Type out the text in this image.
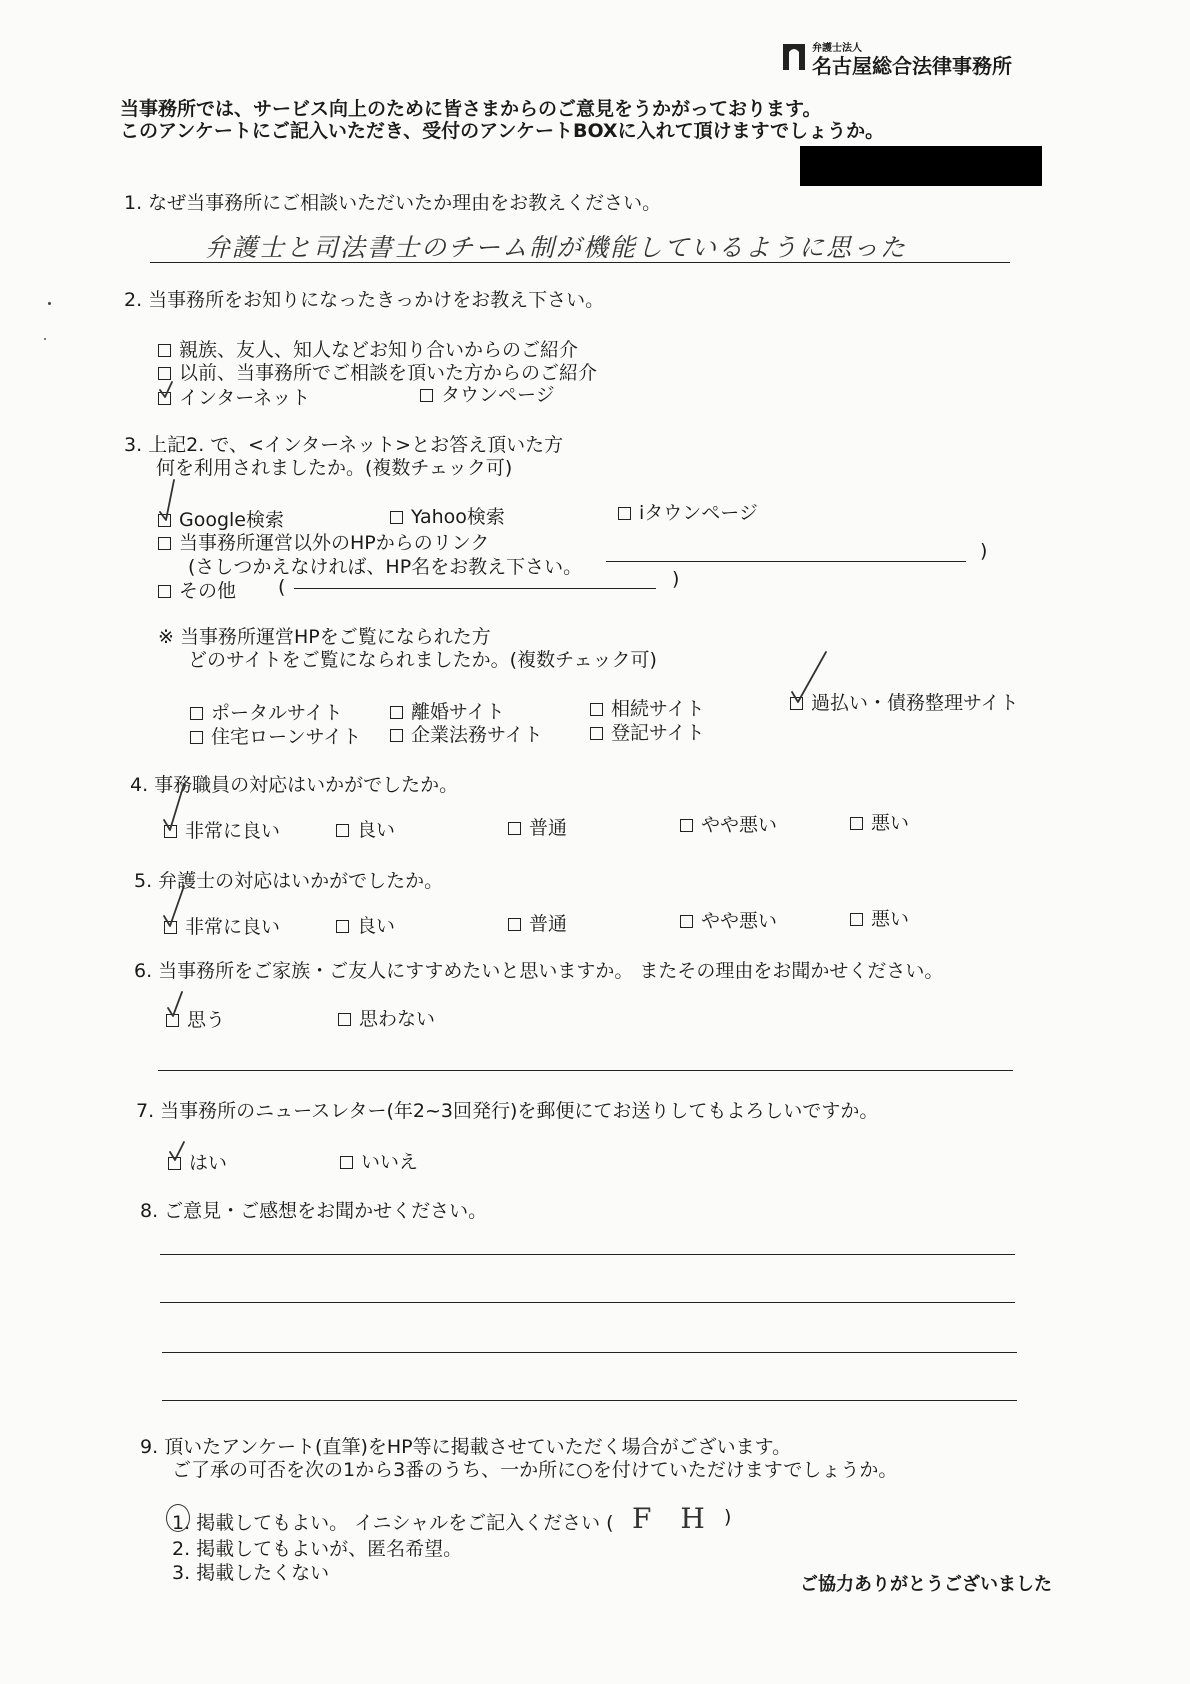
弁護士法人
名古屋総合法律事務所
当事務所では、サービス向上のために皆さまからのご意見をうかがっております。
このアンケートにご記入いただき、受付のアンケートBOXに入れて頂けますでしょうか。
1. なぜ当事務所にご相談いただいたか理由をお教えください。
弁護士と司法書士のチーム制が機能しているように思った
2. 当事務所をお知りになったきっかけをお教え下さい。
親族、友人、知人などお知り合いからのご紹介
以前、当事務所でご相談を頂いた方からのご紹介
インターネット	タウンページ
3. 上記2. で、<インターネット>とお答え頂いた方
何を利用されましたか。(複数チェック可)
Google検索	Yahoo検索	iタウンページ
当事務所運営以外のHPからのリンク
(さしつかえなければ、HP名をお教え下さい。
)
その他 (	)
※ 当事務所運営HPをご覧になられた方
どのサイトをご覧になられましたか。(複数チェック可)
ポータルサイト	離婚サイト	相続サイト	過払い・債務整理サイト
住宅ローンサイト	企業法務サイト	登記サイト
4. 事務職員の対応はいかがでしたか。
非常に良い	良い	普通	やや悪い	悪い
5. 弁護士の対応はいかがでしたか。
非常に良い	良い	普通	やや悪い	悪い
6. 当事務所をご家族・ご友人にすすめたいと思いますか。 またその理由をお聞かせください。
思う	思わない
7. 当事務所のニュースレター(年2~3回発行)を郵便にてお送りしてもよろしいですか。
はい	いいえ
8. ご意見・ご感想をお聞かせください。
9. 頂いたアンケート(直筆)をHP等に掲載させていただく場合がございます。
ご了承の可否を次の1から3番のうち、一か所に○を付けていただけますでしょうか。
1. 掲載してもよい。 イニシャルをご記入ください ( F H )
2. 掲載してもよいが、匿名希望。
3. 掲載したくない
ご協力ありがとうございました
